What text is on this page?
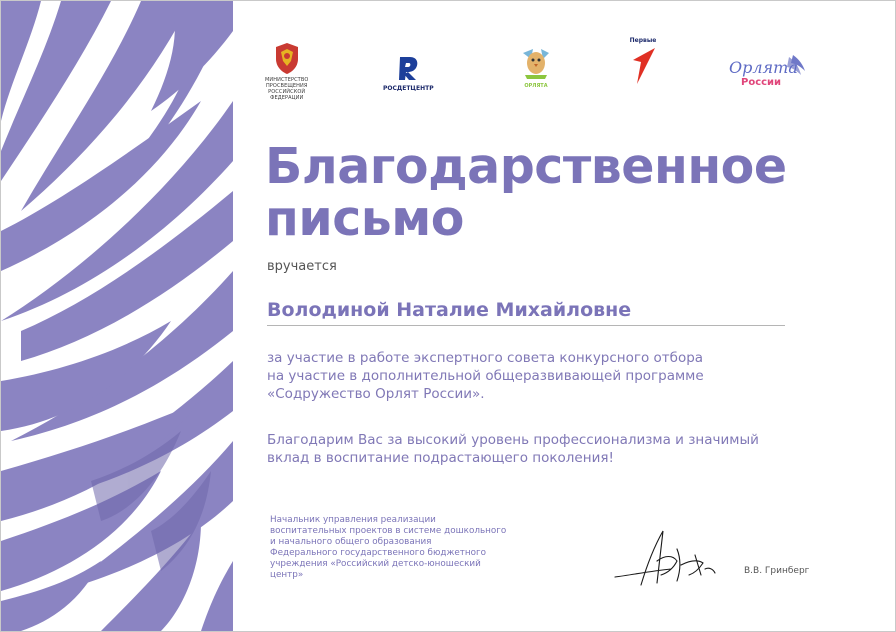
МИНИСТЕРСТВО
ПРОСВЕЩЕНИЯ
РОССИЙСКОЙ
ФЕДЕРАЦИИ
РОСДЕТЦЕНТР	ОРЛЯТА
Первые
Орлята
России
Благодарственное
письмо
вручается
Володиной Наталие Михайловне
за участие в работе экспертного совета конкурсного отбора
на участие в дополнительной общеразвивающей программе
«Содружество Орлят России».
Благодарим Вас за высокий уровень профессионализма и значимый
вклад в воспитание подрастающего поколения!
Начальник управления реализации
воспитательных проектов в системе дошкольного
и начального общего образования
Федерального государственного бюджетного
учреждения «Российский детско-юношеский
центр»	В.В. Гринберг
